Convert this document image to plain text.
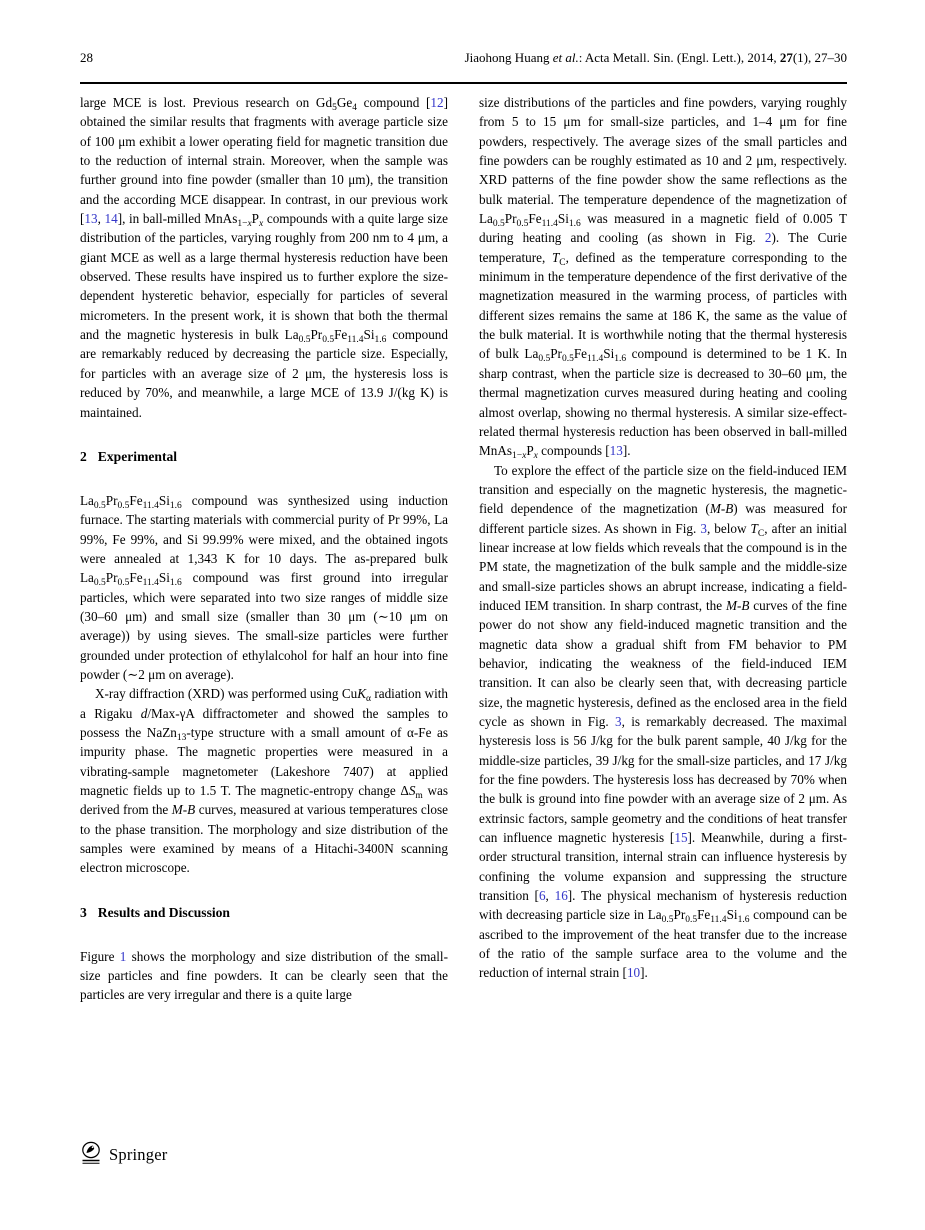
28	Jiaohong Huang et al.: Acta Metall. Sin. (Engl. Lett.), 2014, 27(1), 27–30

large MCE is lost. Previous research on $Gd_5Ge_4$ compound [12] obtained the similar results that fragments with average particle size of 100 μm exhibit a lower operating field for magnetic transition due to the reduction of internal strain. Moreover, when the sample was further ground into fine powder (smaller than 10 μm), the transition and the according MCE disappear. In contrast, in our previous work [13, 14], in ball-milled $MnAs_{1-x}P_x$ compounds with a quite large size distribution of the particles, varying roughly from 200 nm to 4 μm, a giant MCE as well as a large thermal hysteresis reduction have been observed. These results have inspired us to further explore the size-dependent hysteretic behavior, especially for particles of several micrometers. In the present work, it is shown that both the thermal and the magnetic hysteresis in bulk $La_{0.5}Pr_{0.5}Fe_{11.4}Si_{1.6}$ compound are remarkably reduced by decreasing the particle size. Especially, for particles with an average size of 2 μm, the hysteresis loss is reduced by 70%, and meanwhile, a large MCE of 13.9 J/(kg K) is maintained.

2 Experimental

$La_{0.5}Pr_{0.5}Fe_{11.4}Si_{1.6}$ compound was synthesized using induction furnace. The starting materials with commercial purity of Pr 99%, La 99%, Fe 99%, and Si 99.99% were mixed, and the obtained ingots were annealed at 1,343 K for 10 days. The as-prepared bulk $La_{0.5}Pr_{0.5}Fe_{11.4}Si_{1.6}$ compound was first ground into irregular particles, which were separated into two size ranges of middle size (30–60 μm) and small size (smaller than 30 μm (∼10 μm on average)) by using sieves. The small-size particles were further grounded under protection of ethylalcohol for half an hour into fine powder (∼2 μm on average).

X-ray diffraction (XRD) was performed using CuK$_\alpha$ radiation with a Rigaku d/Max-γA diffractometer and showed the samples to possess the NaZn$_{13}$-type structure with a small amount of α-Fe as impurity phase. The magnetic properties were measured in a vibrating-sample magnetometer (Lakeshore 7407) at applied magnetic fields up to 1.5 T. The magnetic-entropy change $\Delta S_m$ was derived from the M-B curves, measured at various temperatures close to the phase transition. The morphology and size distribution of the samples were examined by means of a Hitachi-3400N scanning electron microscope.

3 Results and Discussion

Figure 1 shows the morphology and size distribution of the small-size particles and fine powders. It can be clearly seen that the particles are very irregular and there is a quite large

size distributions of the particles and fine powders, varying roughly from 5 to 15 μm for small-size particles, and 1–4 μm for fine powders, respectively. The average sizes of the small particles and fine powders can be roughly estimated as 10 and 2 μm, respectively. XRD patterns of the fine powder show the same reflections as the bulk material. The temperature dependence of the magnetization of $La_{0.5}Pr_{0.5}Fe_{11.4}Si_{1.6}$ was measured in a magnetic field of 0.005 T during heating and cooling (as shown in Fig. 2). The Curie temperature, $T_C$, defined as the temperature corresponding to the minimum in the temperature dependence of the first derivative of the magnetization measured in the warming process, of particles with different sizes remains the same at 186 K, the same as the value of the bulk material. It is worthwhile noting that the thermal hysteresis of bulk $La_{0.5}Pr_{0.5}Fe_{11.4}Si_{1.6}$ compound is determined to be 1 K. In sharp contrast, when the particle size is decreased to 30–60 μm, the thermal magnetization curves measured during heating and cooling almost overlap, showing no thermal hysteresis. A similar size-effect-related thermal hysteresis reduction has been observed in ball-milled $MnAs_{1-x}P_x$ compounds [13].

To explore the effect of the particle size on the field-induced IEM transition and especially on the magnetic hysteresis, the magnetic-field dependence of the magnetization (M-B) was measured for different particle sizes. As shown in Fig. 3, below $T_C$, after an initial linear increase at low fields which reveals that the compound is in the PM state, the magnetization of the bulk sample and the middle-size and small-size particles shows an abrupt increase, indicating a field-induced IEM transition. In sharp contrast, the M-B curves of the fine power do not show any field-induced magnetic transition and the magnetic data show a gradual shift from FM behavior to PM behavior, indicating the weakness of the field-induced IEM transition. It can also be clearly seen that, with decreasing particle size, the magnetic hysteresis, defined as the enclosed area in the field cycle as shown in Fig. 3, is remarkably decreased. The maximal hysteresis loss is 56 J/kg for the bulk parent sample, 40 J/kg for the middle-size particles, 39 J/kg for the small-size particles, and 17 J/kg for the fine powders. The hysteresis loss has decreased by 70% when the bulk is ground into fine powder with an average size of 2 μm. As extrinsic factors, sample geometry and the conditions of heat transfer can influence magnetic hysteresis [15]. Meanwhile, during a first-order structural transition, internal strain can influence hysteresis by confining the volume expansion and suppressing the structure transition [6, 16]. The physical mechanism of hysteresis reduction with decreasing particle size in $La_{0.5}Pr_{0.5}Fe_{11.4}Si_{1.6}$ compound can be ascribed to the improvement of the heat transfer due to the increase of the ratio of the sample surface area to the volume and the reduction of internal strain [10].

Springer
